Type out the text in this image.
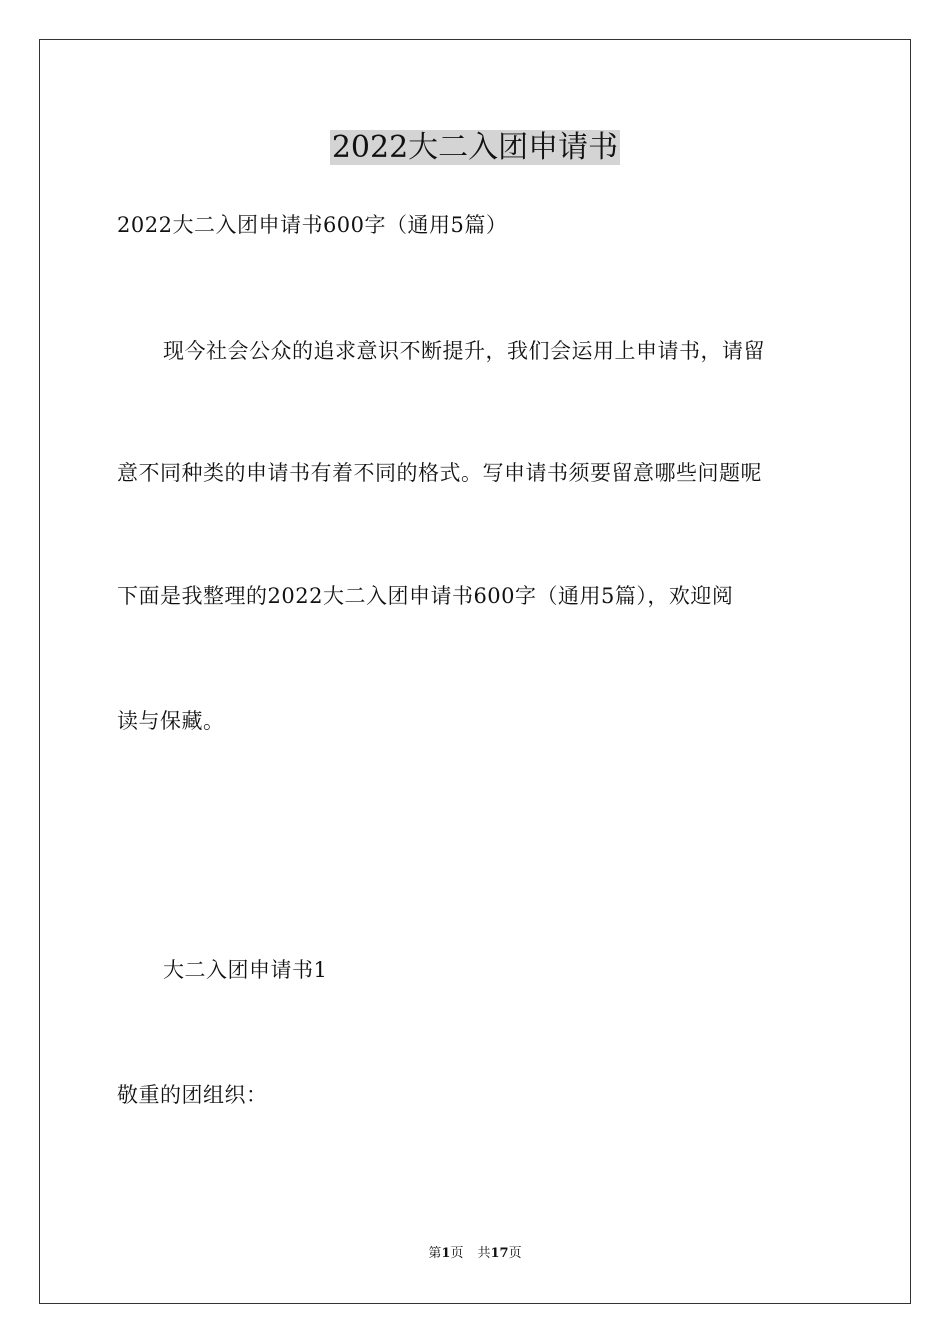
2022大二入团申请书

2022大二入团申请书600字（通用5篇）

现今社会公众的追求意识不断提升，我们会运用上申请书，请留

意不同种类的申请书有着不同的格式。写申请书须要留意哪些问题呢

下面是我整理的2022大二入团申请书600字（通用5篇），欢迎阅

读与保藏。

大二入团申请书1

敬重的团组织：

第1页 共17页
